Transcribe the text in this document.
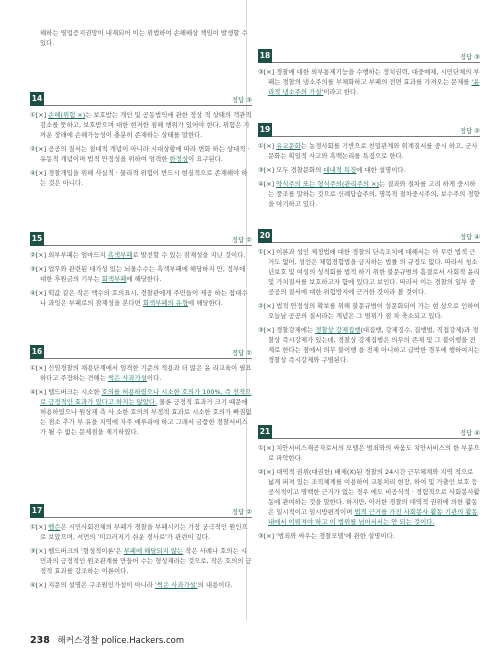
해하는 영업증지권망이 내재되어 이는 위법하여 손해배상 책임이 발생할 수 있다.

14	정답 ③

①[×] 손해(위험 ×)는 보호받는 개인 및 공동법익에 관한 정상 적 상태의 객관적 감소를 뜻하고, 보호받으며 대한 현저한 침해 행위가 있어야 한다. 위험은 가까운 장래에 손해가능성이 충분히 존재하는 상태를 말한다.

②[×] 공공의 질서는 절대적 개념이 아니라 시대상황에 따라 변화 하는 상대적 · 유동적 개념이며 법적 안정성을 위하여 엄격한 한정성이 요구된다.

④[×] 경찰개입을 위해 사실적 · 물리적 위험이 반드시 현실적으로 존재해야 하는 것은 아니다.

15	정답 ①

②[×] 외부부패는 엄마드지 흑색부패로 발전할 수 있는 잠재성을 지닌 것이다.

③[×] 업무와 관련된 대가성 있는 뇌물수수는 흑색부패에 해당하지 만, 정부에 대한 후원금의 기부는 회색부패에 해당한다.

④[×] 떡값 같은 작은 액수의 호의표시, 경찰관에게 주민들이 제공 하는 접대수나 과잉은 부패로의 잠재성을 본다면 회색부패의 유형에 해당한다.

16	정답 ①

①[×] 신임경찰의 채용단계에서 엄격한 기준의 적용과 더 많은 윤 리교육이 필요하다고 주장하는 견해는 썩은 사과가설이다.

④[×] 텔드버크는 시소한 호의를 허용하였으나 시소한 호의가 100%, 즉 전적으로 긍정적인 효과가 있다고 하지는 않았다. 물론 긍정적 효과가 크기 때문에 허용하였으나 원상재 측 사 소한 호의의 부정적 효과로 시소한 호의가 빠짐없는 점소 추가 부 유을 지역에 자주 에루리에 하고 그래서 금품한 경찰서비스가 될 수 없는 문제점을 제기하였다.

17	정답 ②

①[×] 펠슨은 시민사회전체의 부패가 경찰을 부패시키는 가장 궁극적인 원인으로 보았으며, 셔먼의 '미끄러지기 쉬운 경사로'가 관련이 깊다.

③[×] 펠드버크의 '형성적이론'은 부패에 해당되지 않는 작은 사례나 호의는 시민과의 긍정적인 원조관계를 만들어 수는 형성재라는 것으로, 작은 호의의 긍정적 효과를 강조하는 이론이다.

④[×] 지문의 설명은 구조원인가설이 아니라 '썩은 사과가설'의 내용이다.

18	정답 ③

③[×] 경찰에 대한 외부통제기능을 수행하는 정치권력, 대중매체, 시민단체의 부패는 경찰의 냉소주의를 부채화하고 부패의 전면 효과를 가져오는 문제를 '윤리적 냉소주의 가설'이라고 한다.

19	정답 ②

①[×] 유교문화는 농경사회를 기반으로 친밀관계와 위계질서를 중시 하고, 군사문화는 획일적 사고와 흑백논리를 특징으로 한다.

③[×] 모두 경찰문화의 대내적 특징에 대한 설명이다.

④[×] 약식주의 또는 형식주의(관리주의 ×)는 결과와 절차를 고려 하게 중시하는 풍조를 말하는 것으로 신례답습주의, 명목적 절차중시주의, 보수주의 경향을 야기하고 있다.

20	정답 ④

①[×] 이론과 성인 제정법에 대한 경찰의 단속조치에 대해서는 아 무런 법적 근거도 없어, 성인은 체험경험법을 금지하는 법률 의 규정도 없다. 따라서 청소년보호 및 여성의 성적회를 법적 하기 위한 불문규범의 흠결로서 사회적 윤리 및 가치질서를 보호하고자 함에 있다고 보인다. 따라서 이는 경찰의 일부 중 공공의 질서에 대한 위험방지에 근거한 것이라 볼 것이다.

②[×] 법적 안정성의 확보를 위해 불문규범이 성문화되어 가는 현 상으로 인하여 오늘날 공공의 질서라는 개념은 그 범위가 점 차 축소되고 있다.

③[×] 경찰강제에는 경찰상 강제집행(대집행, 강제징수, 집행벌, 직접강제)과 경찰상 즉시강제가 있는데, 경찰상 강제집행은 의무의 존재 및 그 불이행을 전제로 한다는 점에서 의무 불이행 을 전제 아니하고 급박한 경우에 행하여지는 경찰상 즉시강제와 구별된다.

21	정답 ④

①[×] 치안서비스재공자로서의 모델은 범죄와의 싸움도 치안서비스의 한 부분으로 파악한다.

②[×] 대역적 권위(대권한) 배제(X)된 경찰의 24시간 근무체계와 지역 적으로 넓게 퍼져 있는 조직체계를 이용하여 교통처리 현장, 하여 및 가출인 보호 등 공식적이고 명백한 근거가 없는 경우 에도 비공식적 · 경험적으로 사회봉사활동에 관여하는 것을 말한다. 하지만, 이러한 경찰의 대역적 권위에 의한 활동은 일시적이고 임시방편적이며 법적 근거를 가진 사회봉사 활동 기관의 활동 내에서 이뤄져야 하고 이 법위를 넘어서서는 안 되는 것이다.

③[×] '범죄와 싸우는 경찰모델'에 관한 설명이다.

238 해커스경찰 police.Hackers.com
